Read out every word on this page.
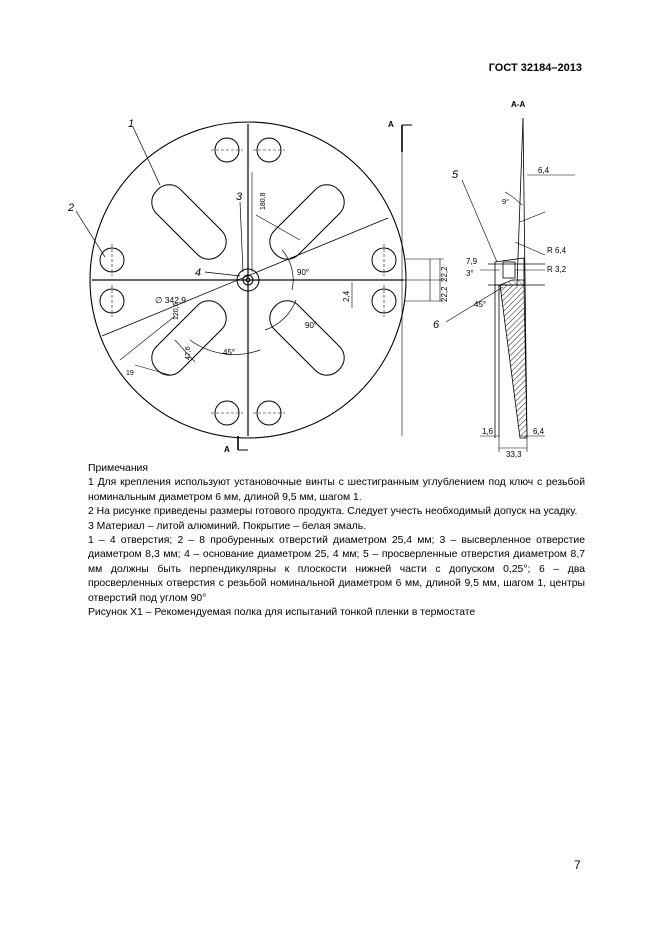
ГОСТ 32184–2013
1
2
3
4
∅ 342,9
180,8
120,6
47,6
19
90°
90°
45°
22,2
22,2
2,4
А
А
А-А
5
6
6,4
9°
R 6,4
R 3,2
7,9
3°
45°
1,6	6,4
33,3

Примечания

1 Для крепления используют установочные винты с шестигранным углублением под ключ с резьбой номинальным диаметром 6 мм, длиной 9,5 мм, шагом 1.

2 На рисунке приведены размеры готового продукта. Следует учесть необходимый допуск на усадку.

3 Материал – литой алюминий. Покрытие – белая эмаль.

1 – 4 отверстия; 2 – 8 пробуренных отверстий диаметром 25,4 мм; 3 – высверленное отверстие диаметром 8,3 мм; 4 – основание диаметром 25, 4 мм; 5 – просверленные отверстия диаметром 8,7 мм должны быть перпендикулярны к плоскости нижней части с допуском 0,25°; 6 – два просверленных отверстия с резьбой номинальной диаметром 6 мм, длиной 9,5 мм, шагом 1, центры отверстий под углом 90°

Рисунок Х1 – Рекомендуемая полка для испытаний тонкой пленки в термостате

7
